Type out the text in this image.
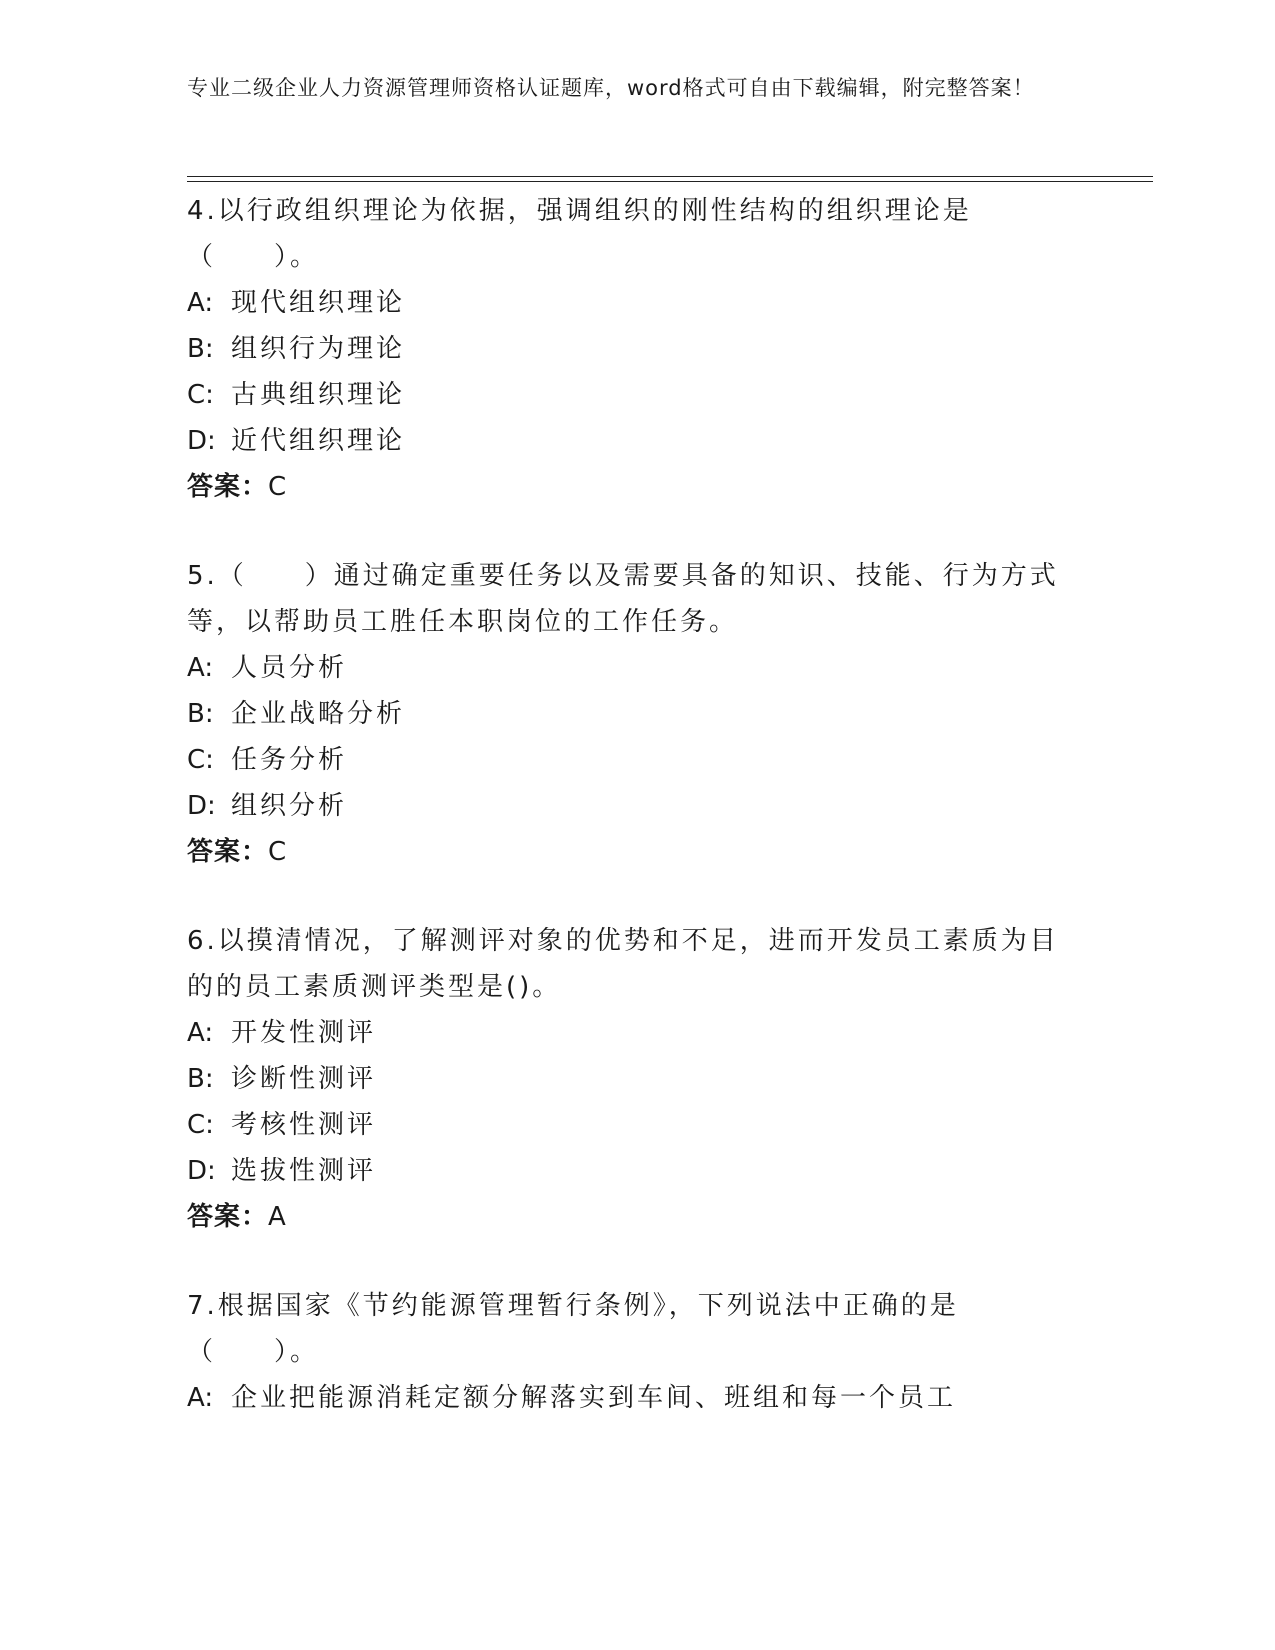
专业二级企业人力资源管理师资格认证题库，word格式可自由下载编辑，附完整答案！

4.以行政组织理论为依据，强调组织的刚性结构的组织理论是（　　）。

A: 现代组织理论

B: 组织行为理论

C: 古典组织理论

D: 近代组织理论

答案：C

5.（　　）通过确定重要任务以及需要具备的知识、技能、行为方式等，以帮助员工胜任本职岗位的工作任务。

A: 人员分析

B: 企业战略分析

C: 任务分析

D: 组织分析

答案：C

6.以摸清情况，了解测评对象的优势和不足，进而开发员工素质为目的的员工素质测评类型是()。

A: 开发性测评

B: 诊断性测评

C: 考核性测评

D: 选拔性测评

答案：A

7.根据国家《节约能源管理暂行条例》，下列说法中正确的是（　　）。

A: 企业把能源消耗定额分解落实到车间、班组和每一个员工
